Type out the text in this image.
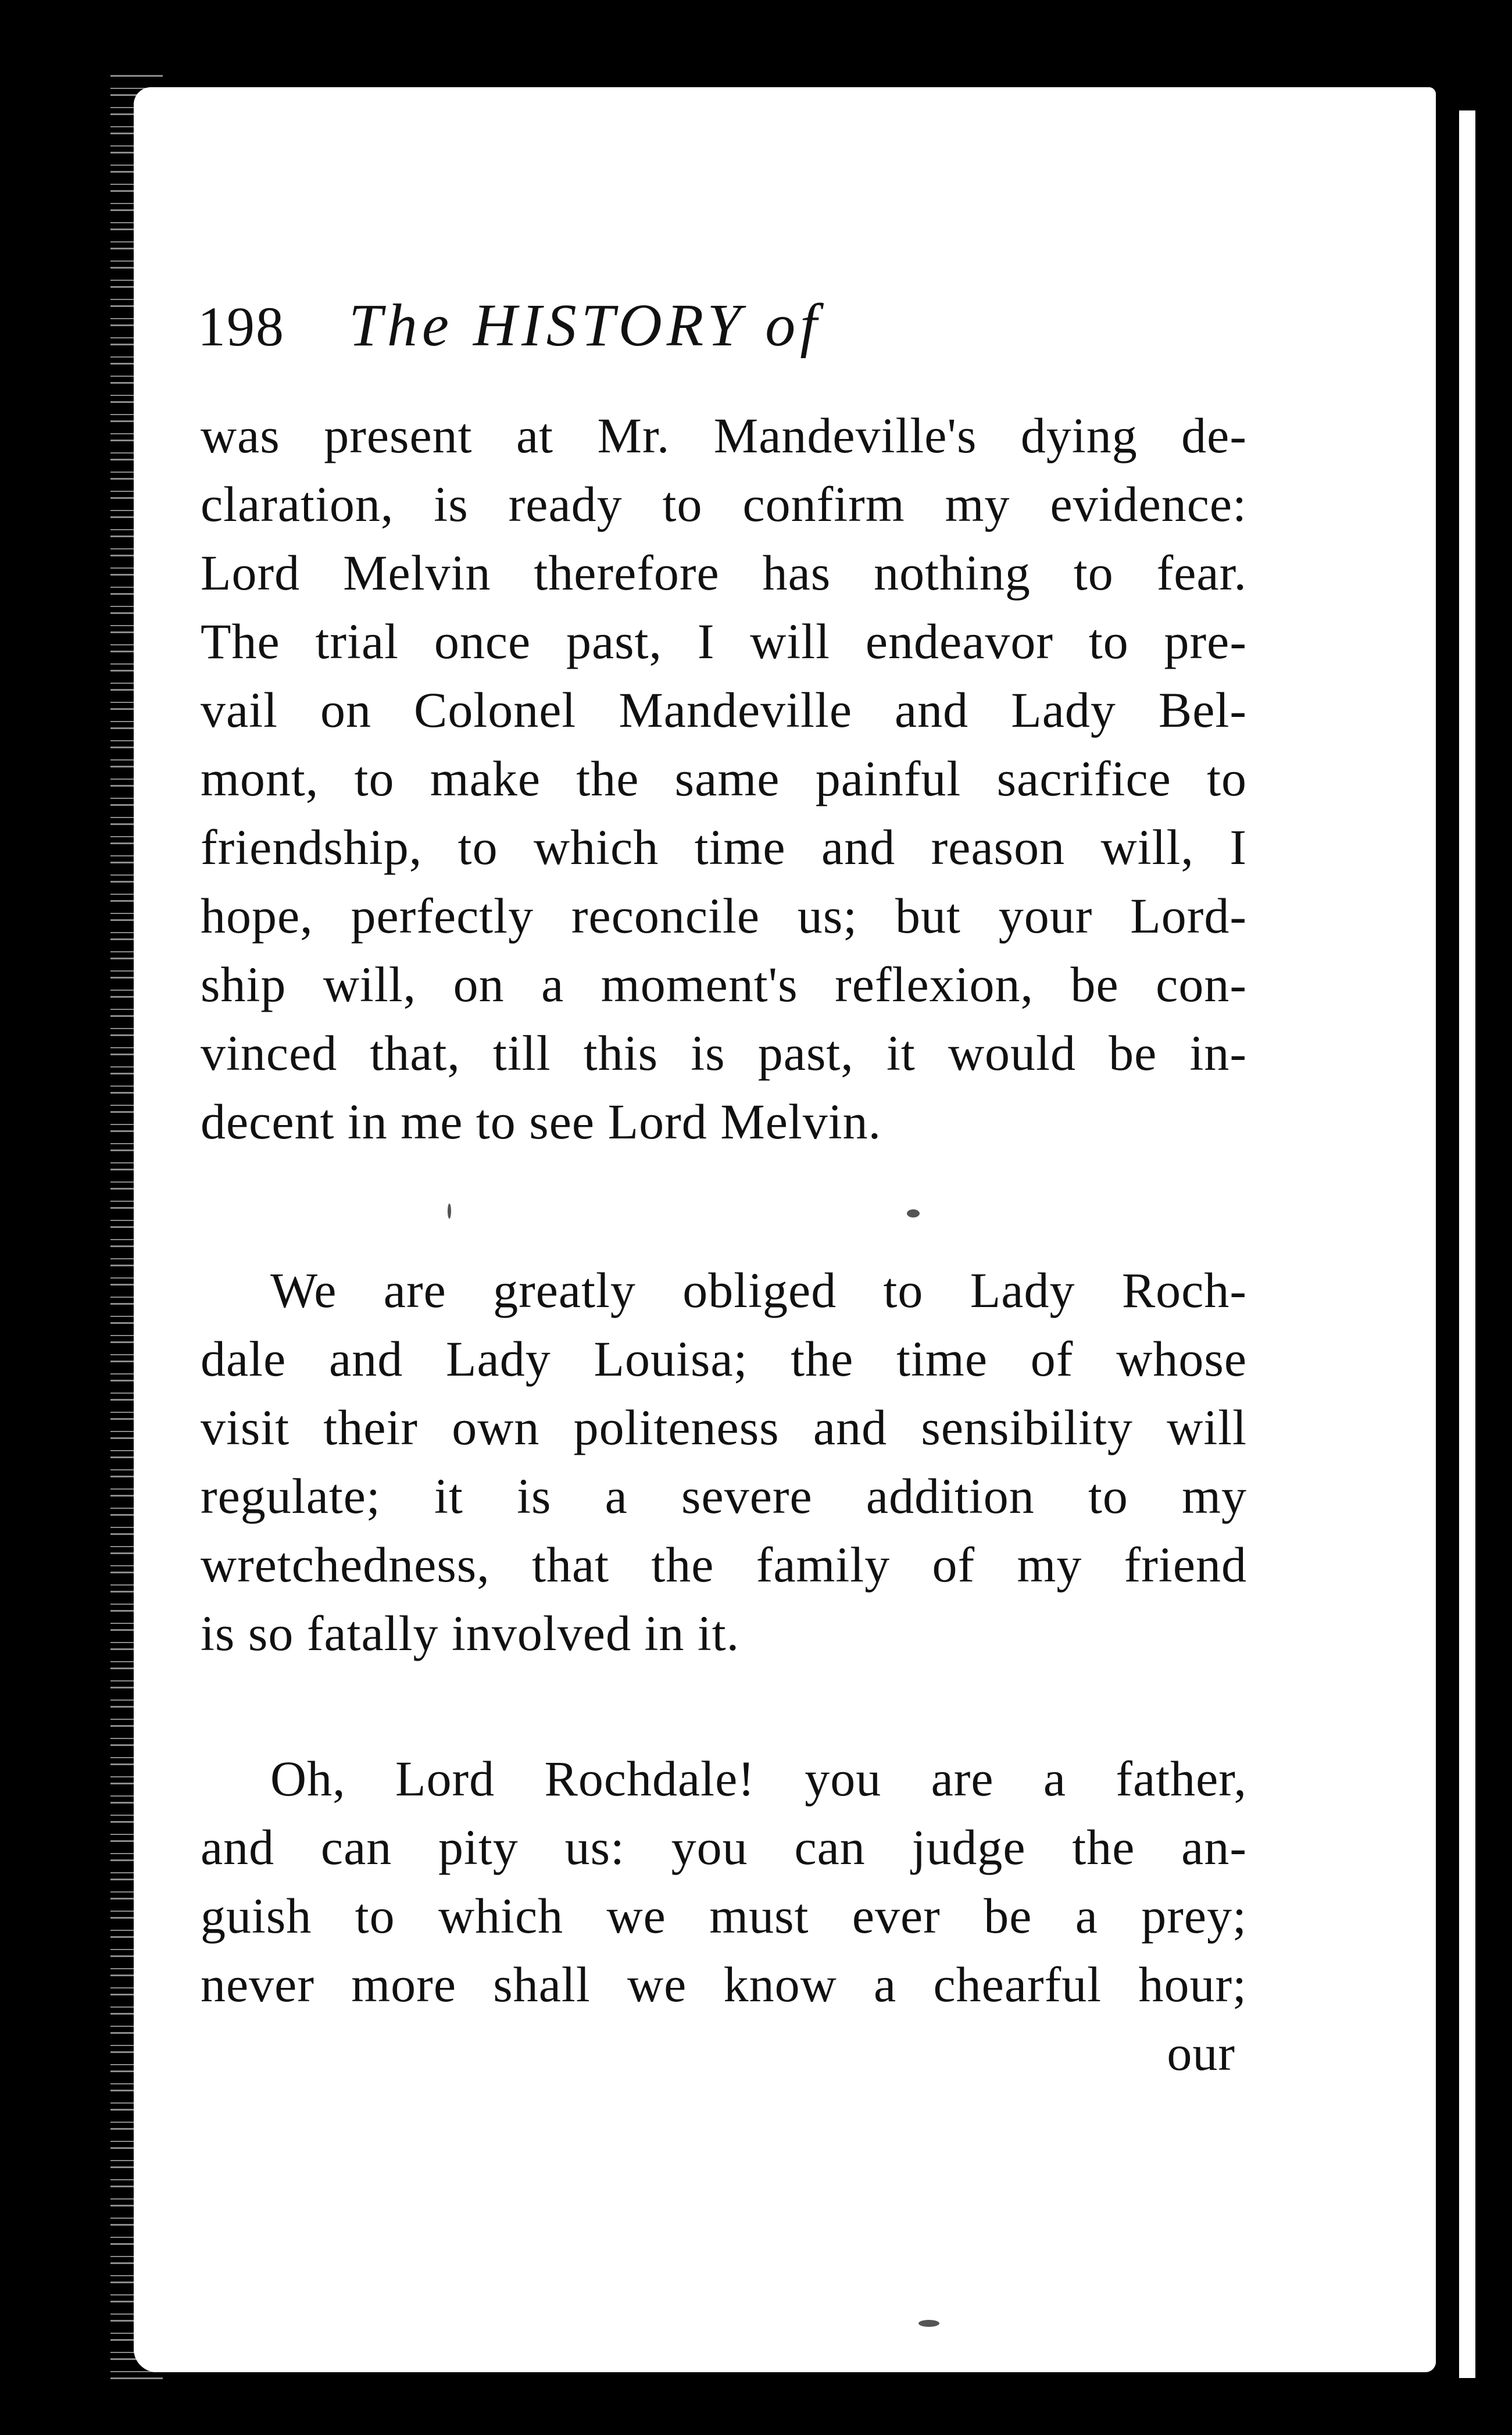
198 The HISTORY of
was present at Mr. Mandeville's dying de-
claration, is ready to confirm my evidence:
Lord Melvin therefore has nothing to fear.
The trial once past, I will endeavor to pre-
vail on Colonel Mandeville and Lady Bel-
mont, to make the same painful sacrifice to
friendship, to which time and reason will, I
hope, perfectly reconcile us; but your Lord-
ship will, on a moment's reflexion, be con-
vinced that, till this is past, it would be in-
decent in me to see Lord Melvin.
We are greatly obliged to Lady Roch-
dale and Lady Louisa; the time of whose
visit their own politeness and sensibility will
regulate; it is a severe addition to my
wretchedness, that the family of my friend
is so fatally involved in it.
Oh, Lord Rochdale! you are a father,
and can pity us: you can judge the an-
guish to which we must ever be a prey;
never more shall we know a chearful hour;
our
